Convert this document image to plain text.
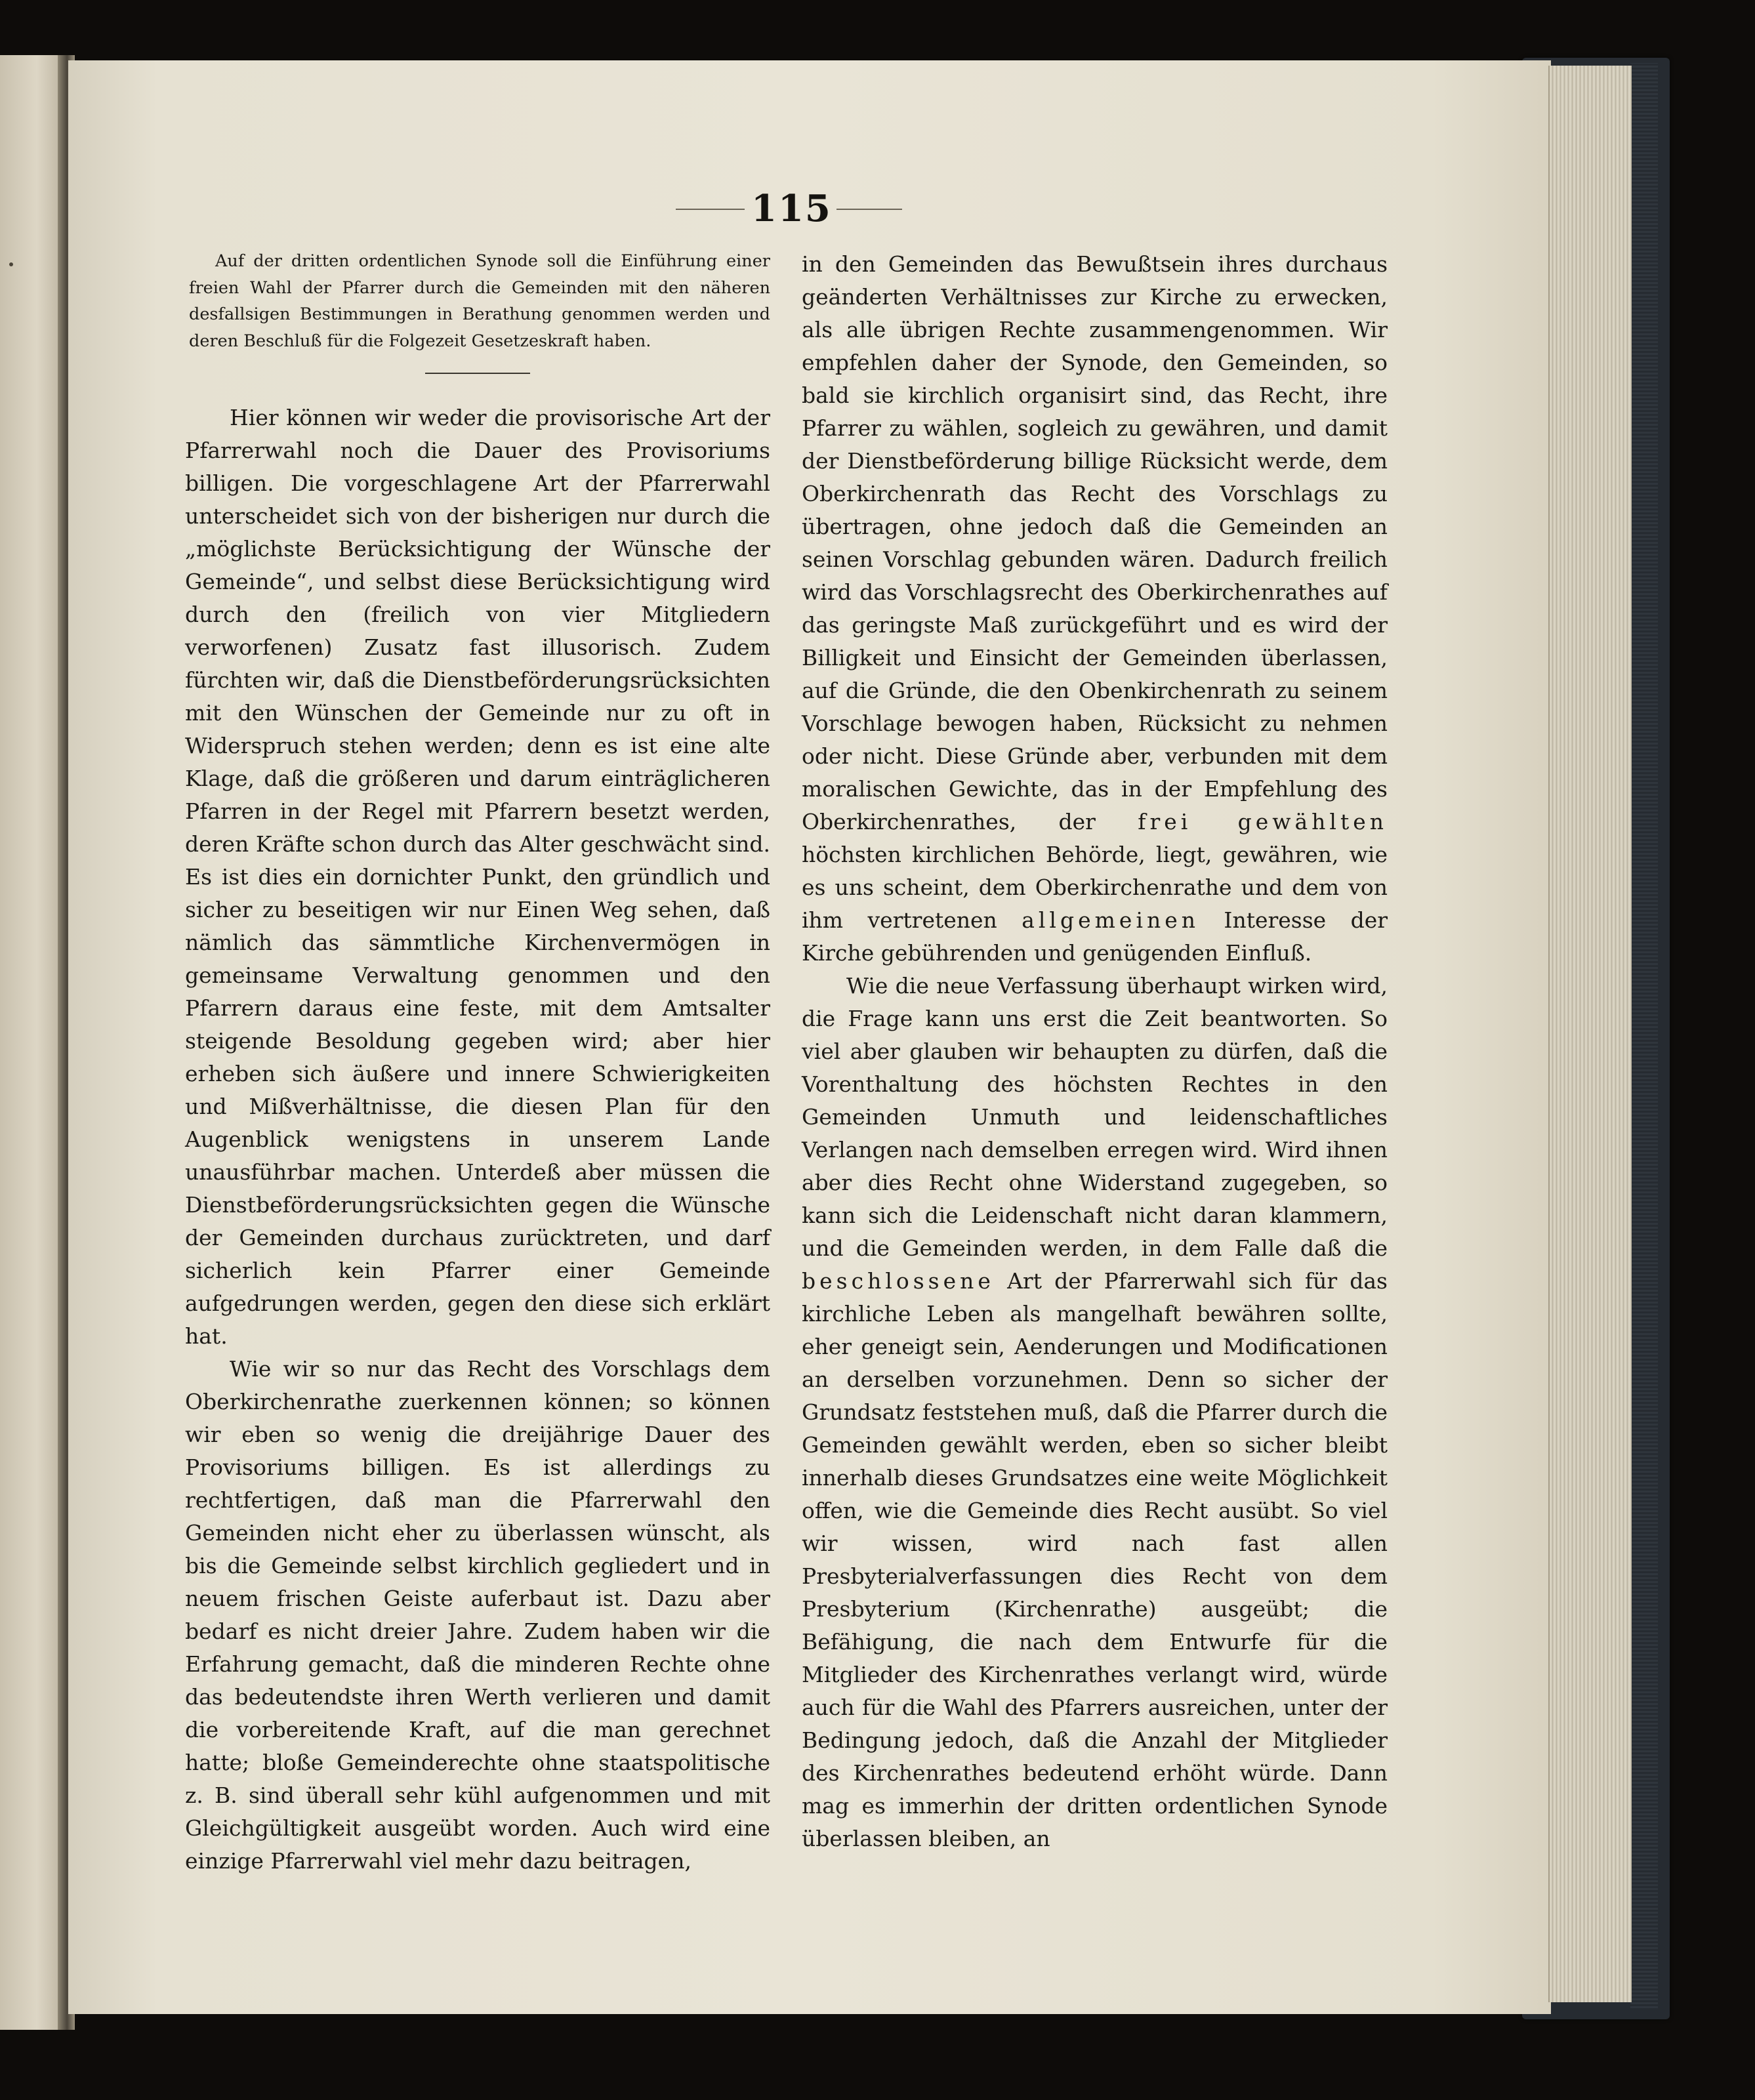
115

Auf der dritten ordentlichen Synode soll die Einführung einer freien Wahl der Pfarrer durch die Gemeinden mit den näheren desfallsigen Bestimmungen in Berathung genommen werden und deren Beschluß für die Folgezeit Gesetzeskraft haben.

Hier können wir weder die provisorische Art der Pfarrerwahl noch die Dauer des Provisoriums billigen. Die vorgeschlagene Art der Pfarrerwahl unterscheidet sich von der bisherigen nur durch die „möglichste Berücksichtigung der Wünsche der Gemeinde“, und selbst diese Berücksichtigung wird durch den (freilich von vier Mitgliedern verworfenen) Zusatz fast illusorisch. Zudem fürchten wir, daß die Dienstbeförderungsrücksichten mit den Wünschen der Gemeinde nur zu oft in Widerspruch stehen werden; denn es ist eine alte Klage, daß die größeren und darum einträglicheren Pfarren in der Regel mit Pfarrern besetzt werden, deren Kräfte schon durch das Alter geschwächt sind. Es ist dies ein dornichter Punkt, den gründlich und sicher zu beseitigen wir nur Einen Weg sehen, daß nämlich das sämmtliche Kirchenvermögen in gemeinsame Verwaltung genommen und den Pfarrern daraus eine feste, mit dem Amtsalter steigende Besoldung gegeben wird; aber hier erheben sich äußere und innere Schwierigkeiten und Mißverhältnisse, die diesen Plan für den Augenblick wenigstens in unserem Lande unausführbar machen. Unterdeß aber müssen die Dienstbeförderungsrücksichten gegen die Wünsche der Gemeinden durchaus zurücktreten, und darf sicherlich kein Pfarrer einer Gemeinde aufgedrungen werden, gegen den diese sich erklärt hat.

Wie wir so nur das Recht des Vorschlags dem Oberkirchenrathe zuerkennen können; so können wir eben so wenig die dreijährige Dauer des Provisoriums billigen. Es ist allerdings zu rechtfertigen, daß man die Pfarrerwahl den Gemeinden nicht eher zu überlassen wünscht, als bis die Gemeinde selbst kirchlich gegliedert und in neuem frischen Geiste auferbaut ist. Dazu aber bedarf es nicht dreier Jahre. Zudem haben wir die Erfahrung gemacht, daß die minderen Rechte ohne das bedeutendste ihren Werth verlieren und damit die vorbereitende Kraft, auf die man gerechnet hatte; bloße Gemeinderechte ohne staatspolitische z. B. sind überall sehr kühl aufgenommen und mit Gleichgültigkeit ausgeübt worden. Auch wird eine einzige Pfarrerwahl viel mehr dazu beitragen,

in den Gemeinden das Bewußtsein ihres durchaus geänderten Verhältnisses zur Kirche zu erwecken, als alle übrigen Rechte zusammengenommen. Wir empfehlen daher der Synode, den Gemeinden, so bald sie kirchlich organisirt sind, das Recht, ihre Pfarrer zu wählen, sogleich zu gewähren, und damit der Dienstbeförderung billige Rücksicht werde, dem Oberkirchenrath das Recht des Vorschlags zu übertragen, ohne jedoch daß die Gemeinden an seinen Vorschlag gebunden wären. Dadurch freilich wird das Vorschlagsrecht des Oberkirchenrathes auf das geringste Maß zurückgeführt und es wird der Billigkeit und Einsicht der Gemeinden überlassen, auf die Gründe, die den Obenkirchenrath zu seinem Vorschlage bewogen haben, Rücksicht zu nehmen oder nicht. Diese Gründe aber, verbunden mit dem moralischen Gewichte, das in der Empfehlung des Oberkirchenrathes, der frei gewählten höchsten kirchlichen Behörde, liegt, gewähren, wie es uns scheint, dem Oberkirchenrathe und dem von ihm vertretenen allgemeinen Interesse der Kirche gebührenden und genügenden Einfluß.

Wie die neue Verfassung überhaupt wirken wird, die Frage kann uns erst die Zeit beantworten. So viel aber glauben wir behaupten zu dürfen, daß die Vorenthaltung des höchsten Rechtes in den Gemeinden Unmuth und leidenschaftliches Verlangen nach demselben erregen wird. Wird ihnen aber dies Recht ohne Widerstand zugegeben, so kann sich die Leidenschaft nicht daran klammern, und die Gemeinden werden, in dem Falle daß die beschlossene Art der Pfarrerwahl sich für das kirchliche Leben als mangelhaft bewähren sollte, eher geneigt sein, Aenderungen und Modificationen an derselben vorzunehmen. Denn so sicher der Grundsatz feststehen muß, daß die Pfarrer durch die Gemeinden gewählt werden, eben so sicher bleibt innerhalb dieses Grundsatzes eine weite Möglichkeit offen, wie die Gemeinde dies Recht ausübt. So viel wir wissen, wird nach fast allen Presbyterialverfassungen dies Recht von dem Presbyterium (Kirchenrathe) ausgeübt; die Befähigung, die nach dem Entwurfe für die Mitglieder des Kirchenrathes verlangt wird, würde auch für die Wahl des Pfarrers ausreichen, unter der Bedingung jedoch, daß die Anzahl der Mitglieder des Kirchenrathes bedeutend erhöht würde. Dann mag es immerhin der dritten ordentlichen Synode überlassen bleiben, an
